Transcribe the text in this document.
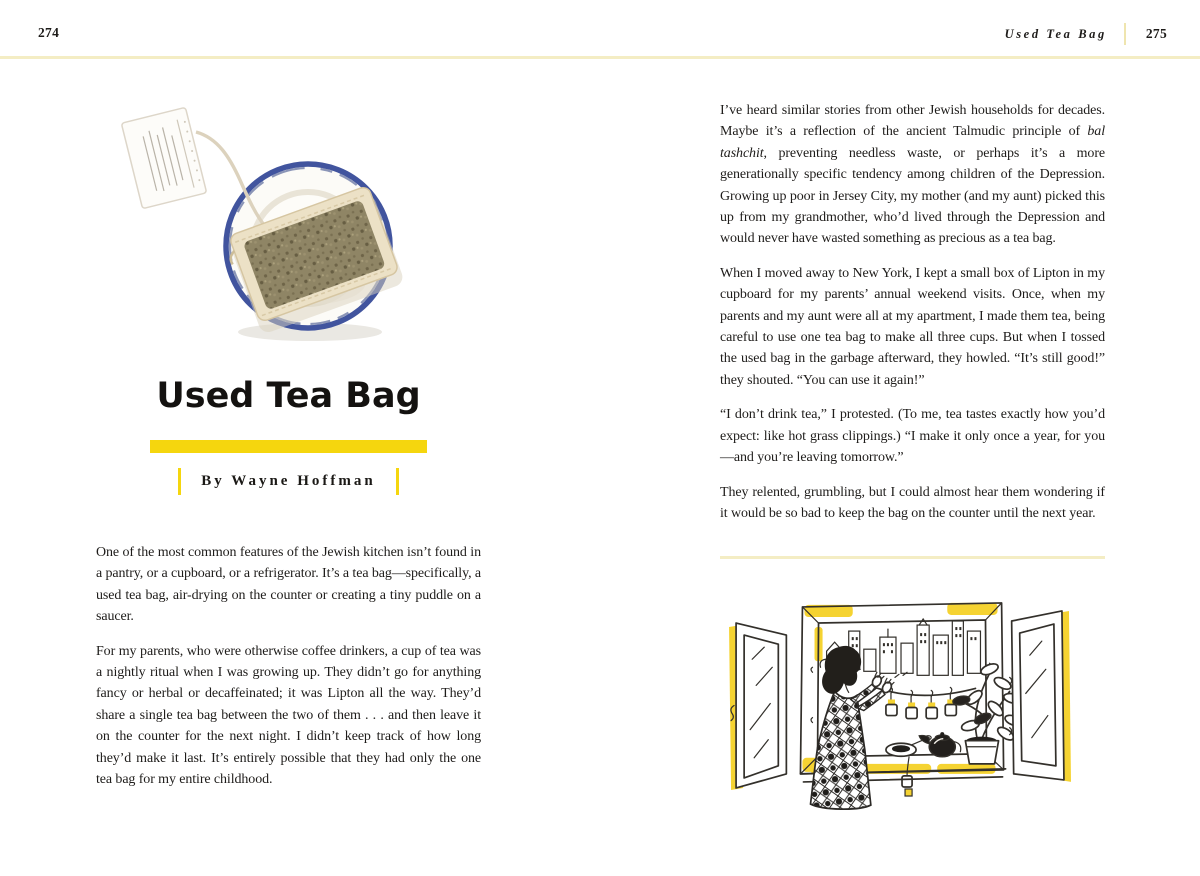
274	Used Tea Bag	275
Used Tea Bag
By Wayne Hoffman

One of the most common features of the Jewish kitchen isn’t found in a pantry, or a cupboard, or a refrigerator. It’s a tea bag—specifically, a used tea bag, air-drying on the counter or creating a tiny puddle on a saucer.

For my parents, who were otherwise coffee drinkers, a cup of tea was a nightly ritual when I was growing up. They didn’t go for anything fancy or herbal or decaffeinated; it was Lipton all the way. They’d share a single tea bag between the two of them . . . and then leave it on the counter for the next night. I didn’t keep track of how long they’d make it last. It’s entirely possible that they had only the one tea bag for my entire childhood.

I’ve heard similar stories from other Jewish households for decades. Maybe it’s a reflection of the ancient Talmudic principle of bal tashchit, preventing needless waste, or perhaps it’s a more generationally specific tendency among children of the Depression. Growing up poor in Jersey City, my mother (and my aunt) picked this up from my grandmother, who’d lived through the Depression and would never have wasted something as precious as a tea bag.

When I moved away to New York, I kept a small box of Lipton in my cupboard for my parents’ annual weekend visits. Once, when my parents and my aunt were all at my apartment, I made them tea, being careful to use one tea bag to make all three cups. But when I tossed the used bag in the garbage afterward, they howled. “It’s still good!” they shouted. “You can use it again!”

“I don’t drink tea,” I protested. (To me, tea tastes exactly how you’d expect: like hot grass clippings.) “I make it only once a year, for you—and you’re leaving tomorrow.”

They relented, grumbling, but I could almost hear them wondering if it would be so bad to keep the bag on the counter until the next year.
